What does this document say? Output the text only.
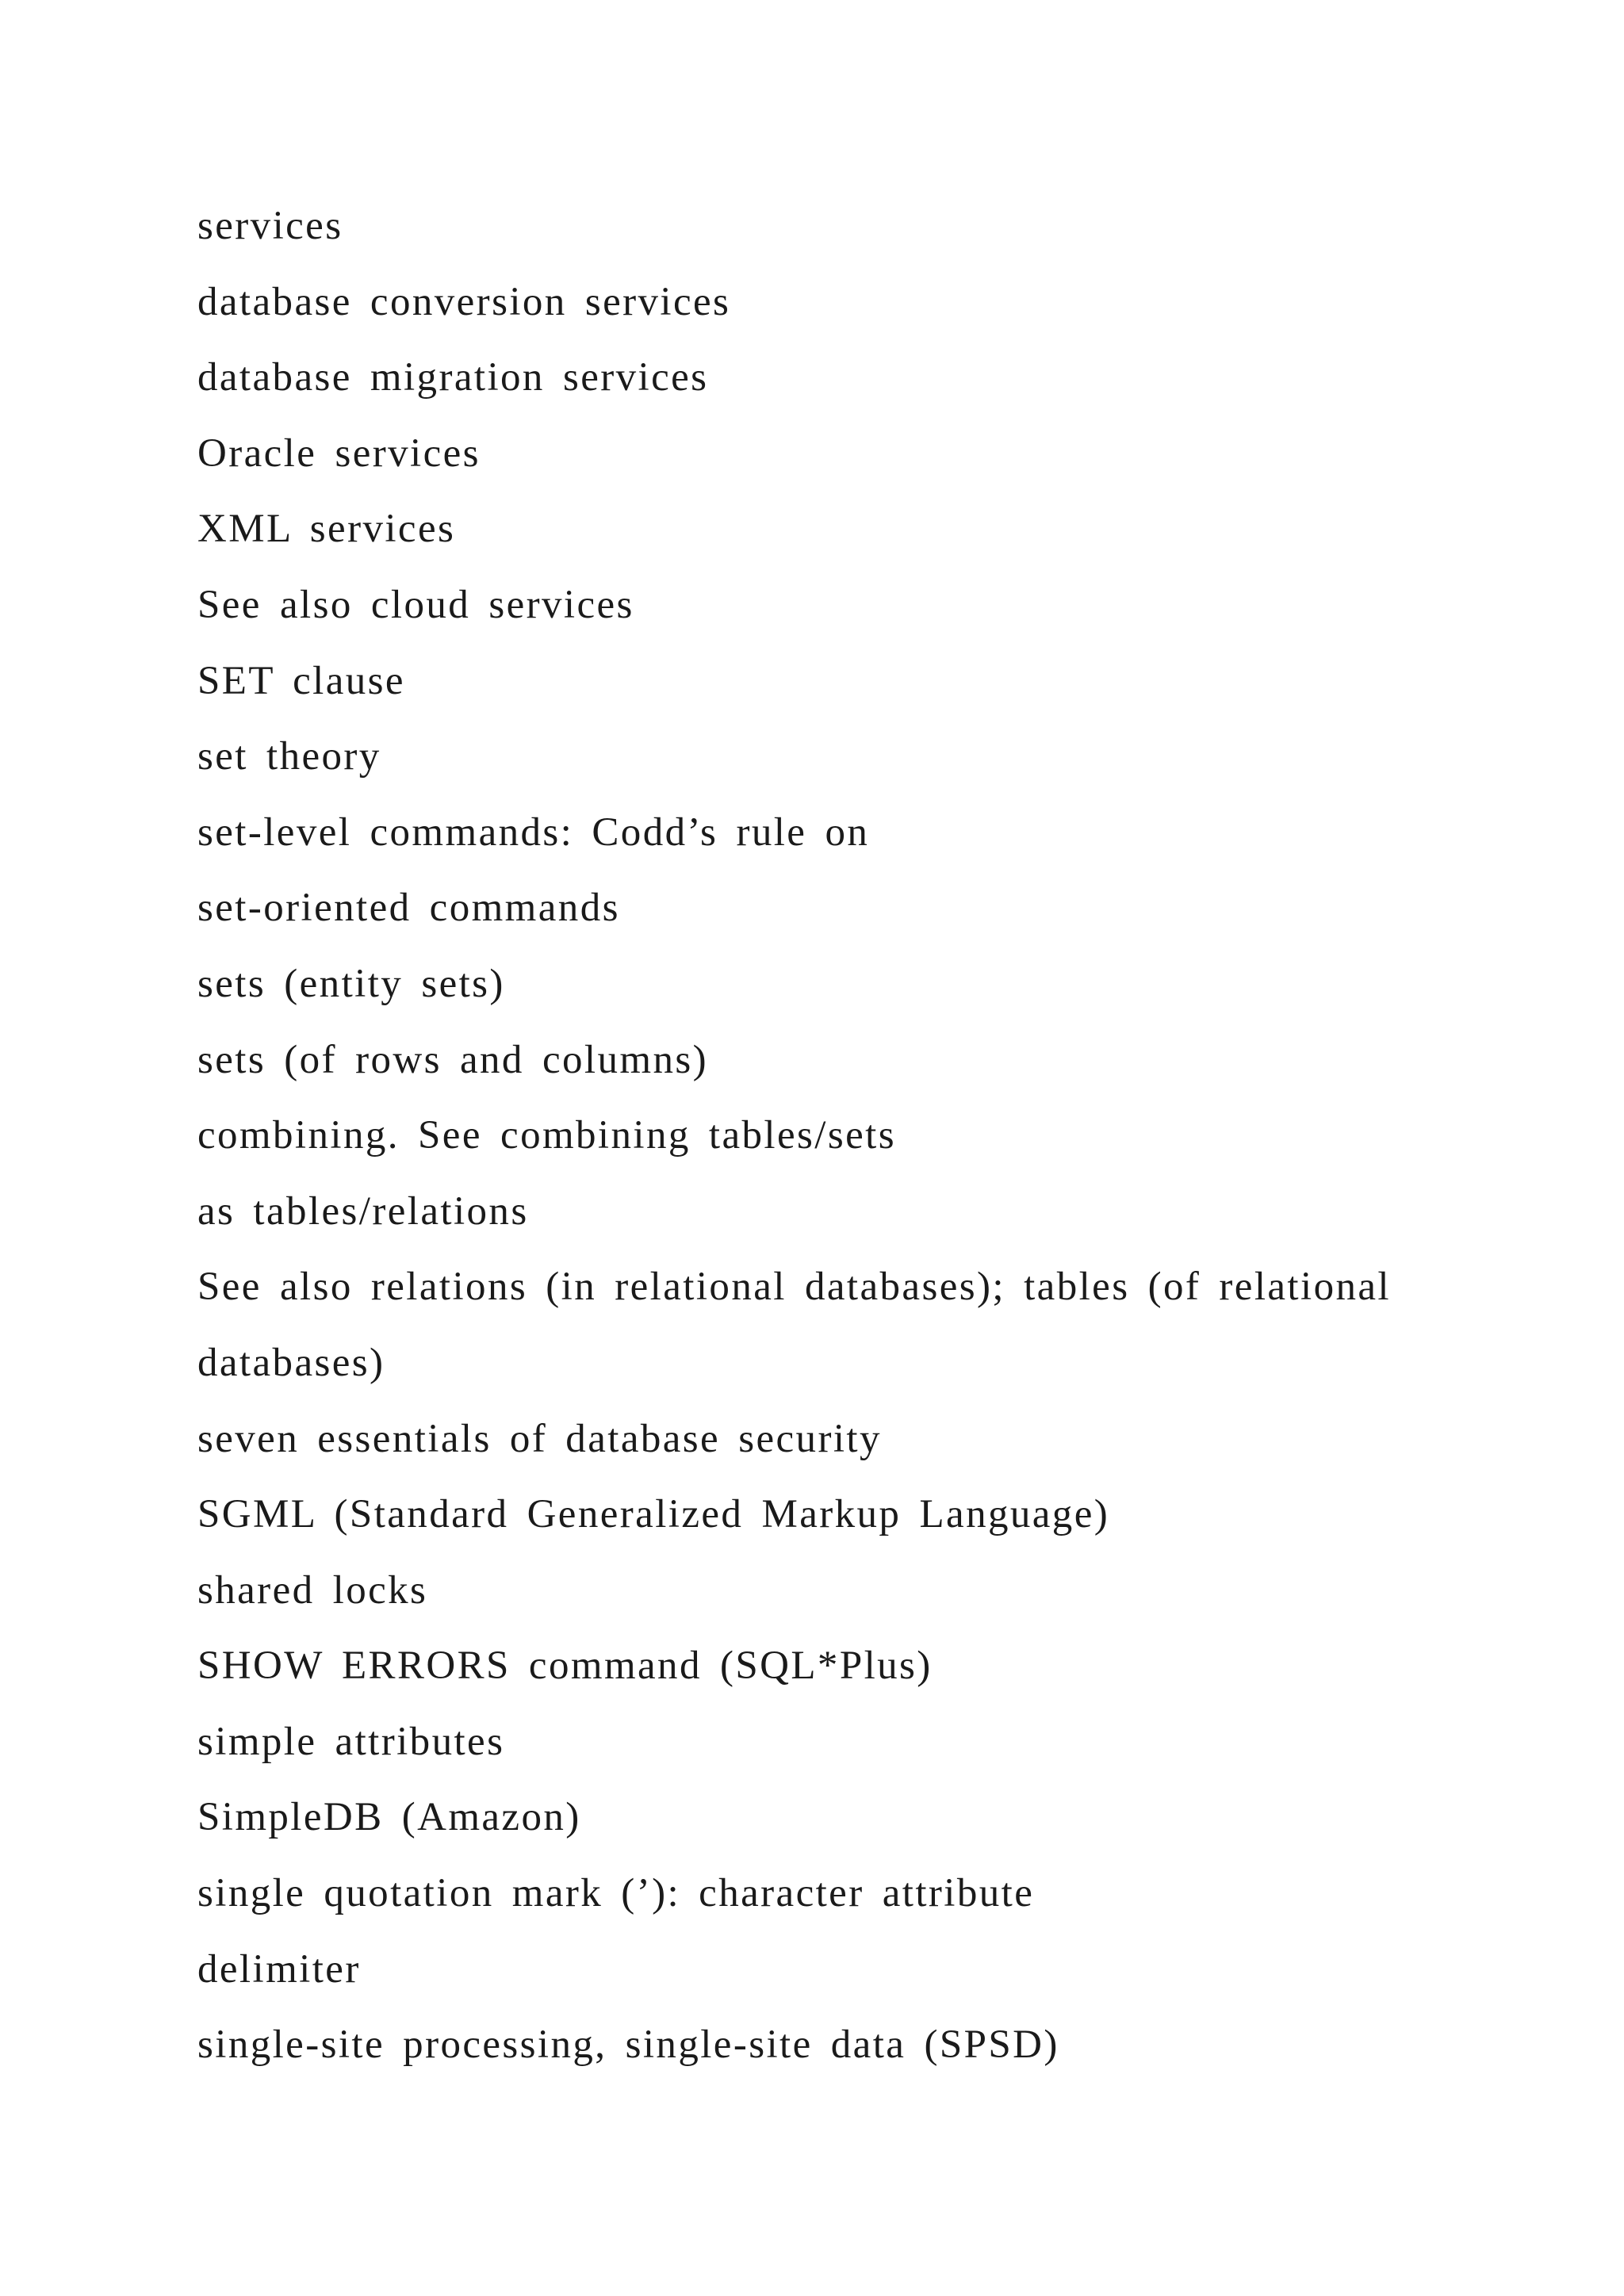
services
database conversion services
database migration services
Oracle services
XML services
See also cloud services
SET clause
set theory
set-level commands: Codd’s rule on
set-oriented commands
sets (entity sets)
sets (of rows and columns)
combining. See combining tables/sets
as tables/relations
See also relations (in relational databases); tables (of relational
databases)
seven essentials of database security
SGML (Standard Generalized Markup Language)
shared locks
SHOW ERRORS command (SQL*Plus)
simple attributes
SimpleDB (Amazon)
single quotation mark (’): character attribute
delimiter
single-site processing, single-site data (SPSD)
